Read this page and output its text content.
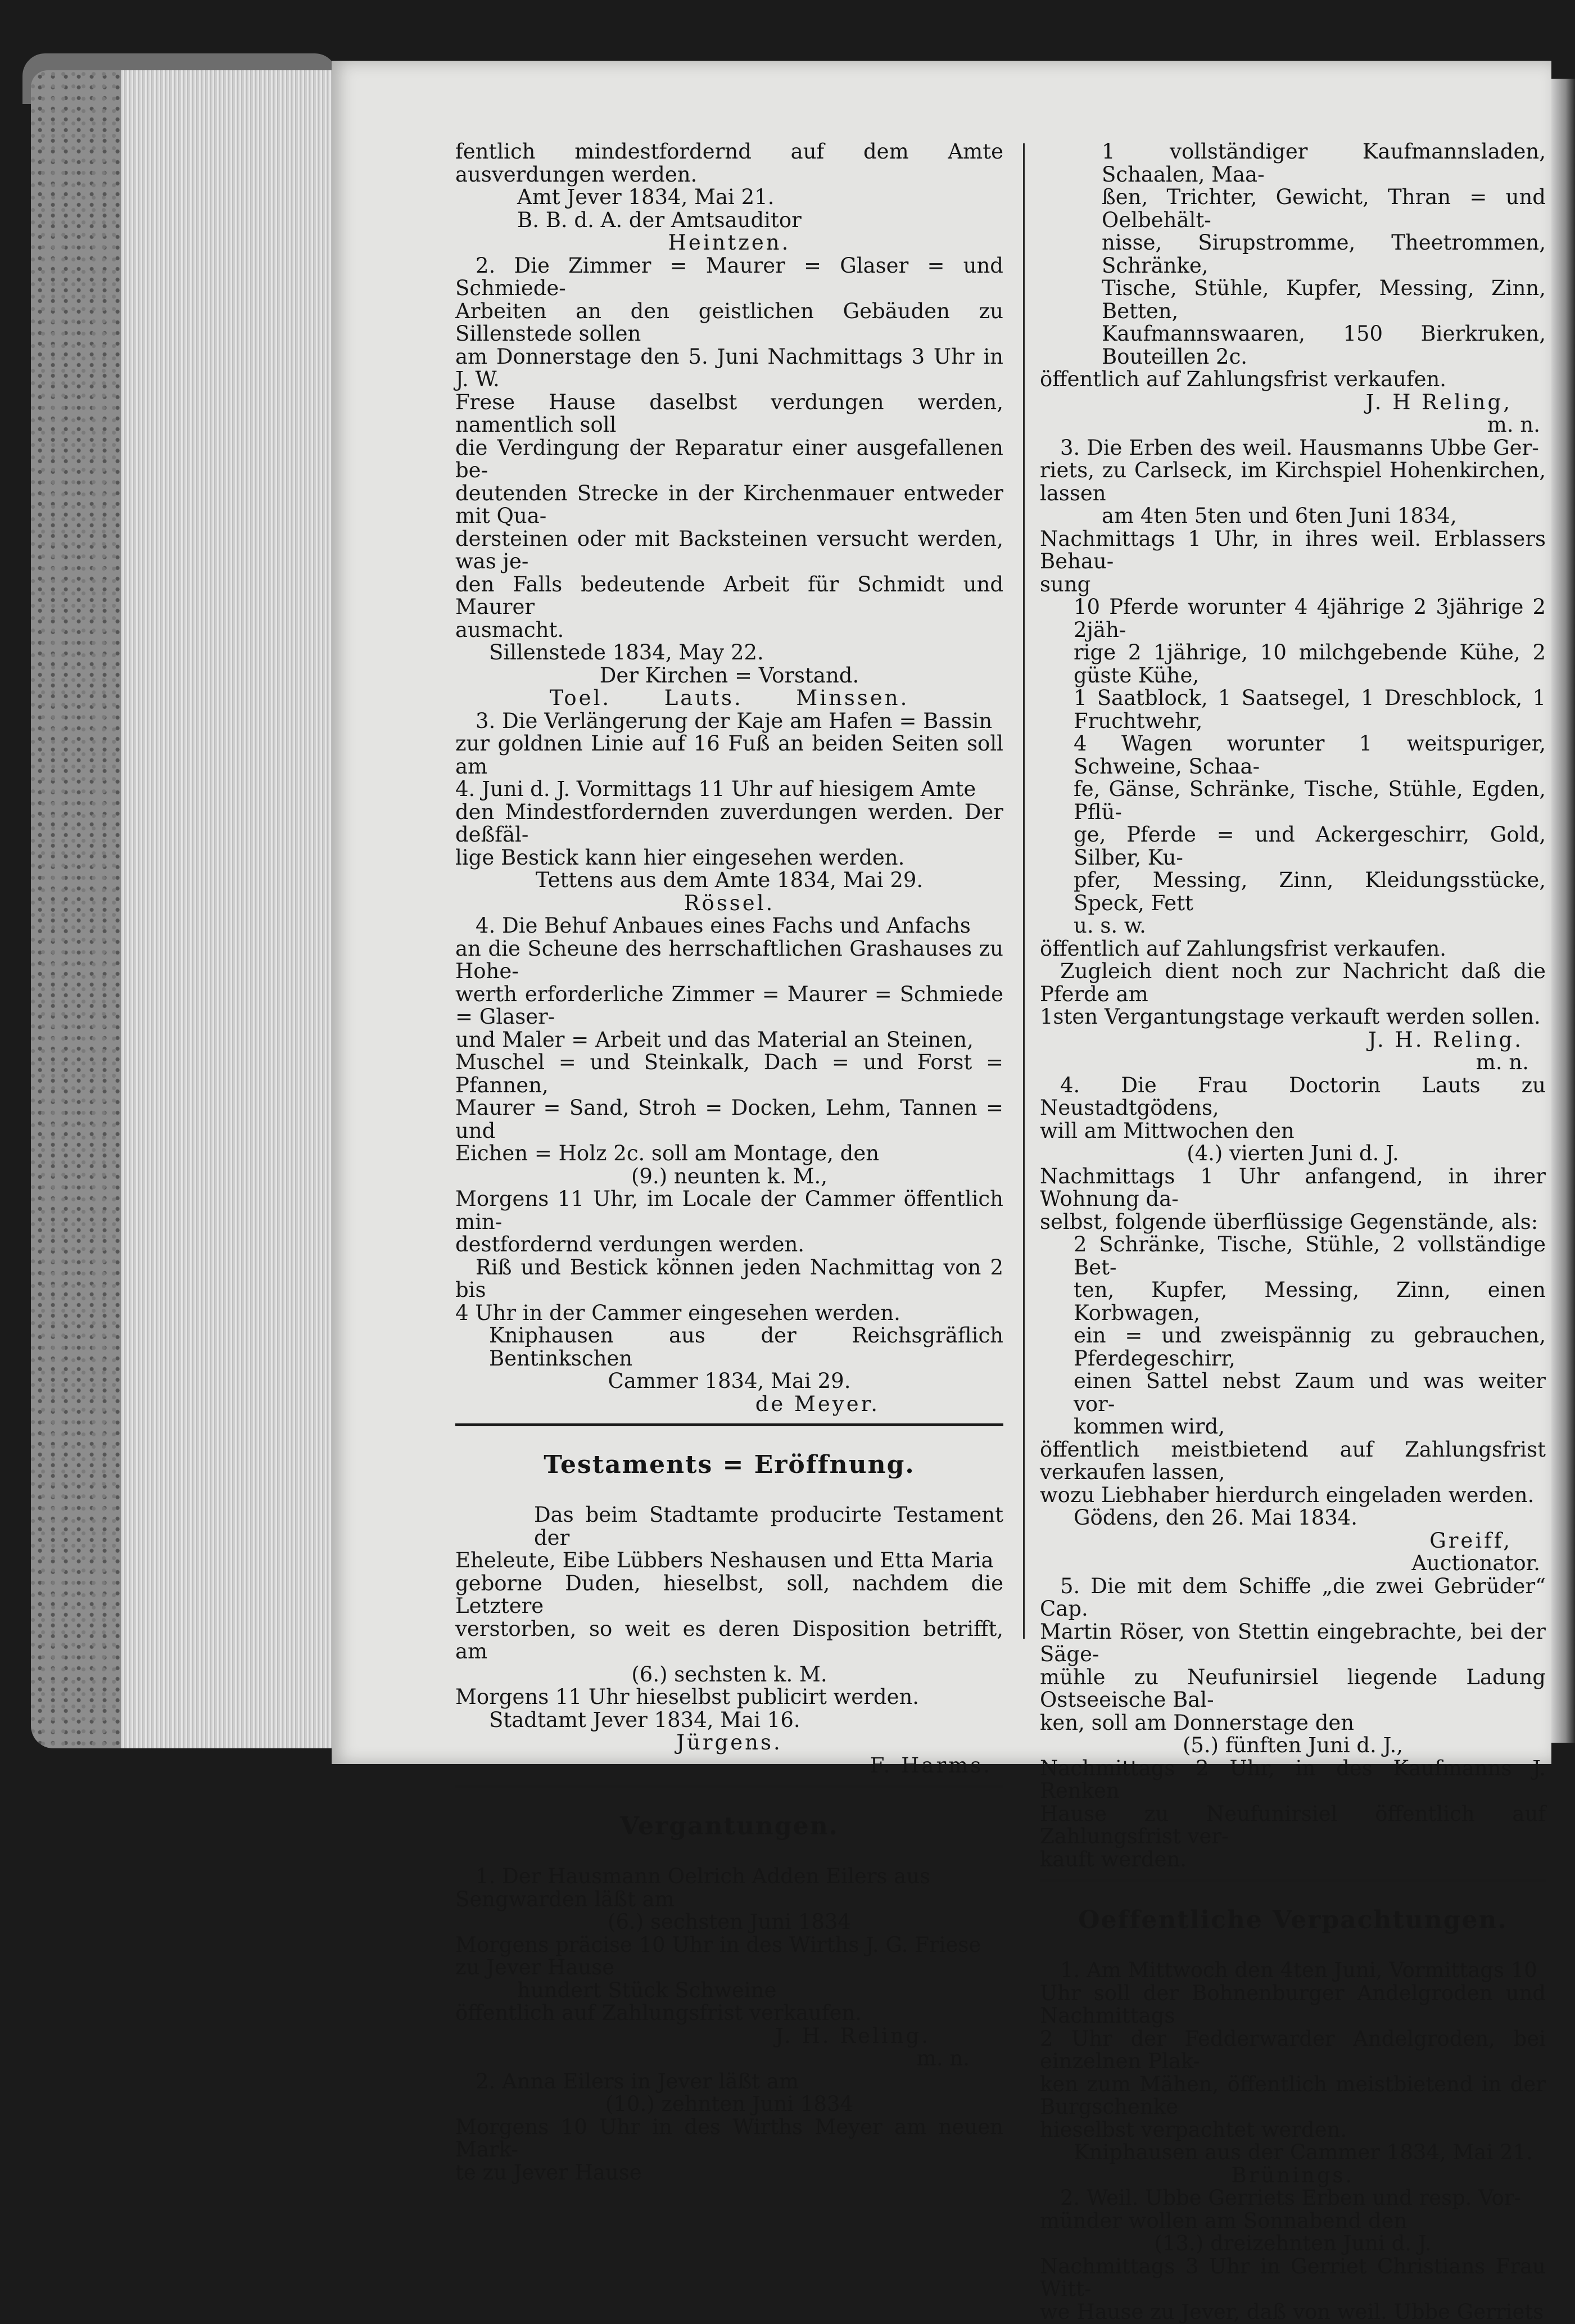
fentlich mindestfordernd auf dem Amte ausverdungen werden.

Amt Jever 1834, Mai 21.

B. B. d. A. der Amtsauditor

Heintzen.

2. Die Zimmer = Maurer = Glaser = und Schmiede-

Arbeiten an den geistlichen Gebäuden zu Sillenstede sollen

am Donnerstage den 5. Juni Nachmittags 3 Uhr in J. W.

Frese Hause daselbst verdungen werden, namentlich soll

die Verdingung der Reparatur einer ausgefallenen be-

deutenden Strecke in der Kirchenmauer entweder mit Qua-

dersteinen oder mit Backsteinen versucht werden, was je-

den Falls bedeutende Arbeit für Schmidt und Maurer

ausmacht.

Sillenstede 1834, May 22.

Der Kirchen = Vorstand.

Toel.      Lauts.      Minssen.

3. Die Verlängerung der Kaje am Hafen = Bassin

zur goldnen Linie auf 16 Fuß an beiden Seiten soll am

4. Juni d. J. Vormittags 11 Uhr auf hiesigem Amte

den Mindestfordernden zuverdungen werden. Der deßfäl-

lige Bestick kann hier eingesehen werden.

Tettens aus dem Amte 1834, Mai 29.

Rössel.

4. Die Behuf Anbaues eines Fachs und Anfachs

an die Scheune des herrschaftlichen Grashauses zu Hohe-

werth erforderliche Zimmer = Maurer = Schmiede = Glaser-

und Maler = Arbeit und das Material an Steinen,

Muschel = und Steinkalk, Dach = und Forst = Pfannen,

Maurer = Sand, Stroh = Docken, Lehm, Tannen = und

Eichen = Holz 2c. soll am Montage, den

(9.) neunten k. M.,

Morgens 11 Uhr, im Locale der Cammer öffentlich min-

destfordernd verdungen werden.

Riß und Bestick können jeden Nachmittag von 2 bis

4 Uhr in der Cammer eingesehen werden.

Kniphausen aus der Reichsgräflich Bentinkschen

Cammer 1834, Mai 29.

de Meyer.

Testaments = Eröffnung.

Das beim Stadtamte producirte Testament der

Eheleute, Eibe Lübbers Neshausen und Etta Maria

geborne Duden, hieselbst, soll, nachdem die Letztere

verstorben, so weit es deren Disposition betrifft, am

(6.) sechsten k. M.

Morgens 11 Uhr hieselbst publicirt werden.

Stadtamt Jever 1834, Mai 16.

Jürgens.

F. Harms.

Vergantungen.

1. Der Hausmann Oelrich Adden Eilers aus

Sengwarden läßt am

(6.) sechsten Juni 1834

Morgens präcise 10 Uhr in des Wirths J. G. Friese

zu Jever Hause

hundert Stück Schweine

öffentlich auf Zahlungsfrist verkaufen.

J. H. Reling.

m. n.

2. Anna Eilers in Jever läßt am

(10.) zehnten Juni 1834

Morgens 10 Uhr in des Wirths Meyer am neuen Mark-

te zu Jever Hause

1 vollständiger Kaufmannsladen, Schaalen, Maa-

ßen, Trichter, Gewicht, Thran = und Oelbehält-

nisse, Sirupstromme, Theetrommen, Schränke,

Tische, Stühle, Kupfer, Messing, Zinn, Betten,

Kaufmannswaaren, 150 Bierkruken, Bouteillen 2c.

öffentlich auf Zahlungsfrist verkaufen.

J. H Reling,

m. n.

3. Die Erben des weil. Hausmanns Ubbe Ger-

riets, zu Carlseck, im Kirchspiel Hohenkirchen, lassen

am 4ten 5ten und 6ten Juni 1834,

Nachmittags 1 Uhr, in ihres weil. Erblassers Behau-

sung

10 Pferde worunter 4 4jährige 2 3jährige 2 2jäh-

rige 2 1jährige, 10 milchgebende Kühe, 2 güste Kühe,

1 Saatblock, 1 Saatsegel, 1 Dreschblock, 1 Fruchtwehr,

4 Wagen worunter 1 weitspuriger, Schweine, Schaa-

fe, Gänse, Schränke, Tische, Stühle, Egden, Pflü-

ge, Pferde = und Ackergeschirr, Gold, Silber, Ku-

pfer, Messing, Zinn, Kleidungsstücke, Speck, Fett

u. s. w.

öffentlich auf Zahlungsfrist verkaufen.

Zugleich dient noch zur Nachricht daß die Pferde am

1sten Vergantungstage verkauft werden sollen.

J. H. Reling.

m. n.

4. Die Frau Doctorin Lauts zu Neustadtgödens,

will am Mittwochen den

(4.) vierten Juni d. J.

Nachmittags 1 Uhr anfangend, in ihrer Wohnung da-

selbst, folgende überflüssige Gegenstände, als:

2 Schränke, Tische, Stühle, 2 vollständige Bet-

ten, Kupfer, Messing, Zinn, einen Korbwagen,

ein = und zweispännig zu gebrauchen, Pferdegeschirr,

einen Sattel nebst Zaum und was weiter vor-

kommen wird,

öffentlich meistbietend auf Zahlungsfrist verkaufen lassen,

wozu Liebhaber hierdurch eingeladen werden.

Gödens, den 26. Mai 1834.

Greiff,

Auctionator.

5. Die mit dem Schiffe „die zwei Gebrüder“ Cap.

Martin Röser, von Stettin eingebrachte, bei der Säge-

mühle zu Neufunirsiel liegende Ladung Ostseeische Bal-

ken, soll am Donnerstage den

(5.) fünften Juni d. J.,

Nachmittags 2 Uhr, in des Kaufmanns J. Renken

Hause zu Neufunirsiel öffentlich auf Zahlungsfrist ver-

kauft werden.

Oeffentliche Verpachtungen.

1. Am Mittwoch den 4ten Juni, Vormittags 10

Uhr soll der Bohnenburger Andelgroden und Nachmittags

2 Uhr der Fedderwarder Andelgroden, bei einzelnen Plak-

ken zum Mähen, öffentlich meistbietend in der Burgschenke

hieselbst verpachtet werden.

Kniphausen aus der Cammer 1834, Mai 21.

Brünings.

2. Weil. Ubbe Gerriets Erben und resp. Vor-

münder wollen am Sonnabend den

(13.) dreizehnten Juni d. J.

Nachmittags 3 Uhr in Gerriet Christians Frau Witt-

we Hause zu Jever, daß von weil. Ubbe Gerriets
